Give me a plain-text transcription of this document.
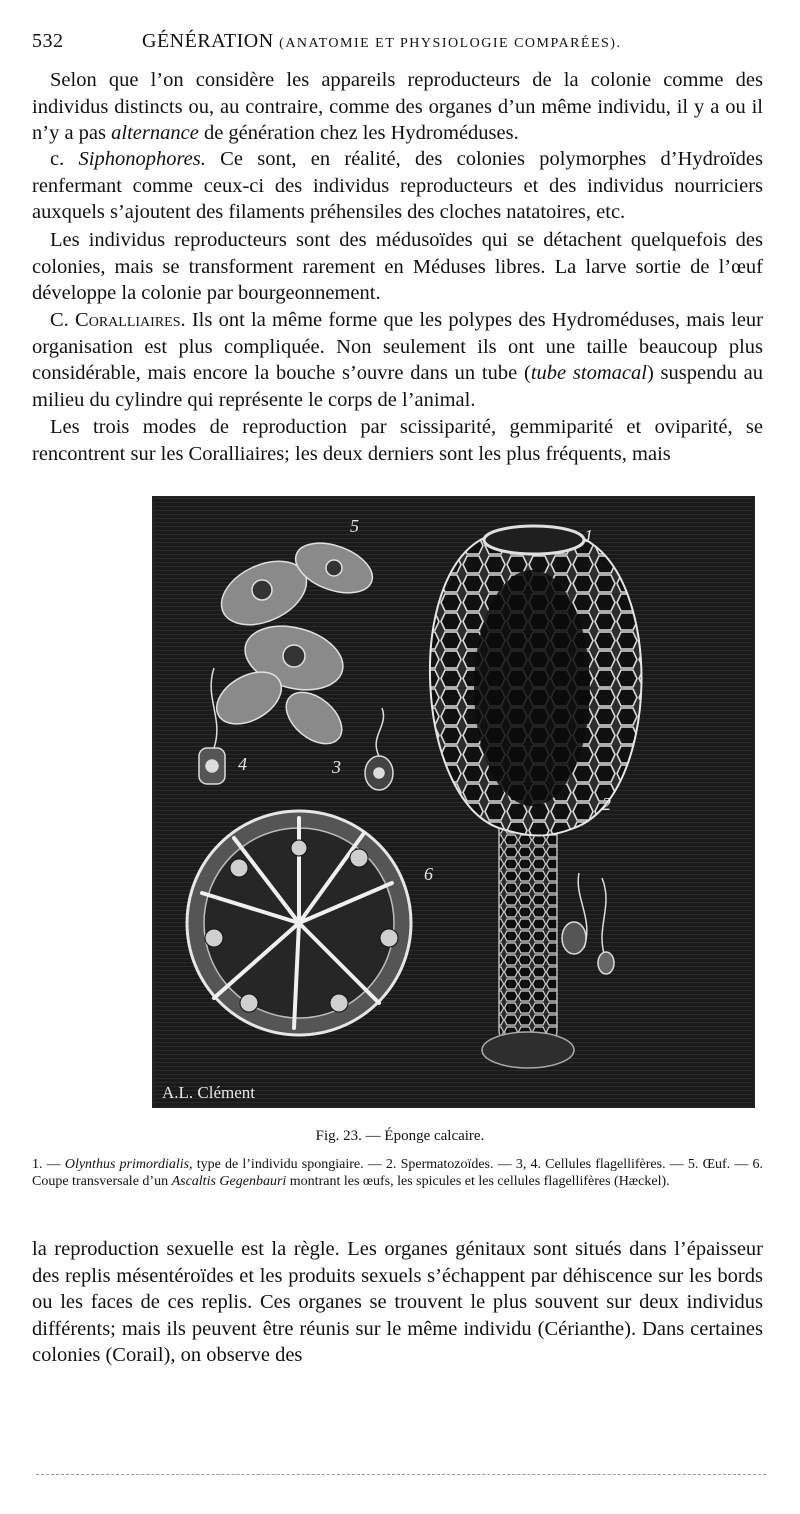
532	GÉNÉRATION (ANATOMIE ET PHYSIOLOGIE COMPARÉES).

Selon que l’on considère les appareils reproducteurs de la colonie comme des individus distincts ou, au contraire, comme des organes d’un même individu, il y a ou il n’y a pas alternance de génération chez les Hydroméduses.

c. Siphonophores. Ce sont, en réalité, des colonies polymorphes d’Hydroïdes renfermant comme ceux-ci des individus reproducteurs et des individus nourriciers auxquels s’ajoutent des filaments préhensiles des cloches natatoires, etc.

Les individus reproducteurs sont des médusoïdes qui se détachent quelquefois des colonies, mais se transforment rarement en Méduses libres. La larve sortie de l’œuf développe la colonie par bourgeonnement.

C. Coralliaires. Ils ont la même forme que les polypes des Hydroméduses, mais leur organisation est plus compliquée. Non seulement ils ont une taille beaucoup plus considérable, mais encore la bouche s’ouvre dans un tube (tube stomacal) suspendu au milieu du cylindre qui représente le corps de l’animal.

Les trois modes de reproduction par scissiparité, gemmiparité et oviparité, se rencontrent sur les Coralliaires; les deux derniers sont les plus fréquents, mais

1
2
3
4
5
6
A.L. Clément
Fig. 23. — Éponge calcaire.

1. — Olynthus primordialis, type de l’individu spongiaire. — 2. Spermatozoïdes. — 3, 4. Cellules flagellifères. — 5. Œuf. — 6. Coupe transversale d’un Ascaltis Gegenbauri montrant les œufs, les spicules et les cellules flagellifères (Hæckel).

la reproduction sexuelle est la règle. Les organes génitaux sont situés dans l’épaisseur des replis mésentéroïdes et les produits sexuels s’échappent par déhiscence sur les bords ou les faces de ces replis. Ces organes se trouvent le plus souvent sur deux individus différents; mais ils peuvent être réunis sur le même individu (Cérianthe). Dans certaines colonies (Corail), on observe des
